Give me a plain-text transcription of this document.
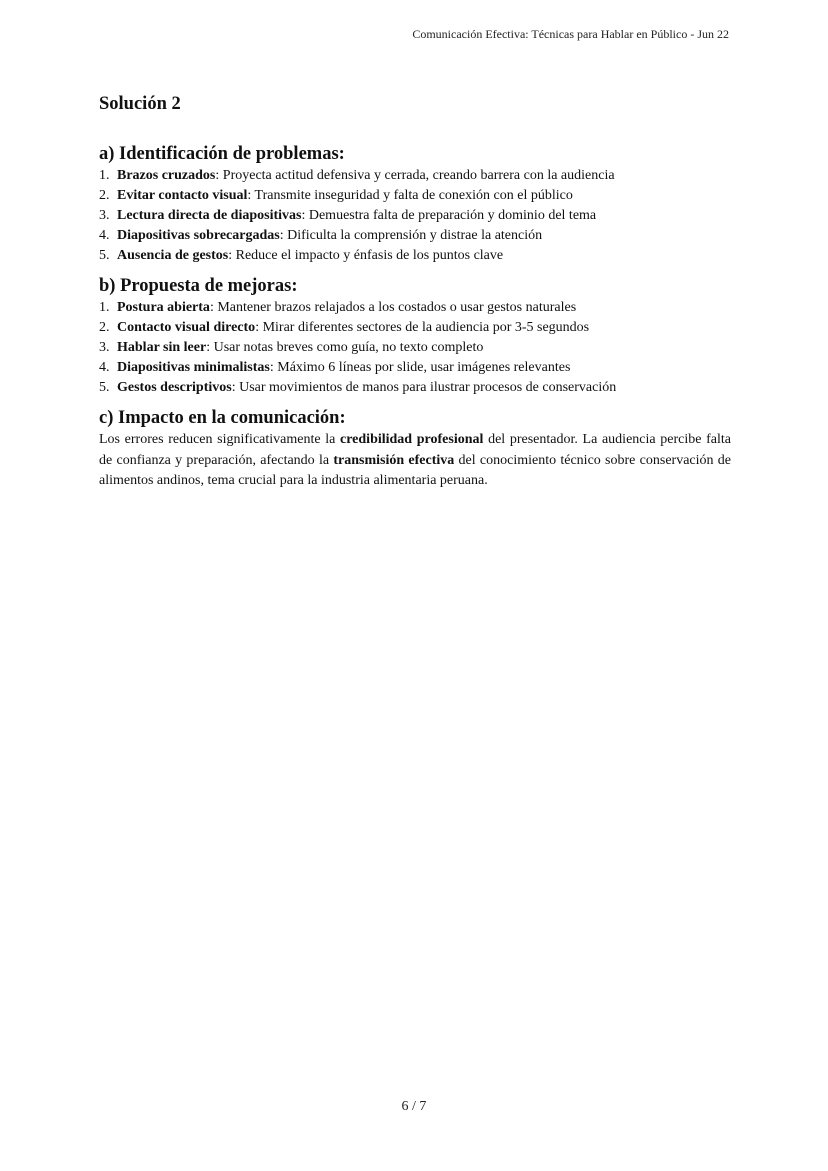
Comunicación Efectiva: Técnicas para Hablar en Público - Jun 22
Solución 2
a) Identificación de problemas:
1. Brazos cruzados: Proyecta actitud defensiva y cerrada, creando barrera con la audiencia
2. Evitar contacto visual: Transmite inseguridad y falta de conexión con el público
3. Lectura directa de diapositivas: Demuestra falta de preparación y dominio del tema
4. Diapositivas sobrecargadas: Dificulta la comprensión y distrae la atención
5. Ausencia de gestos: Reduce el impacto y énfasis de los puntos clave
b) Propuesta de mejoras:
1. Postura abierta: Mantener brazos relajados a los costados o usar gestos naturales
2. Contacto visual directo: Mirar diferentes sectores de la audiencia por 3-5 segundos
3. Hablar sin leer: Usar notas breves como guía, no texto completo
4. Diapositivas minimalistas: Máximo 6 líneas por slide, usar imágenes relevantes
5. Gestos descriptivos: Usar movimientos de manos para ilustrar procesos de conservación
c) Impacto en la comunicación:

Los errores reducen significativamente la credibilidad profesional del presentador. La audiencia percibe falta de confianza y preparación, afectando la transmisión efectiva del conocimiento técnico sobre conservación de alimentos andinos, tema crucial para la industria alimentaria peruana.

6 / 7
